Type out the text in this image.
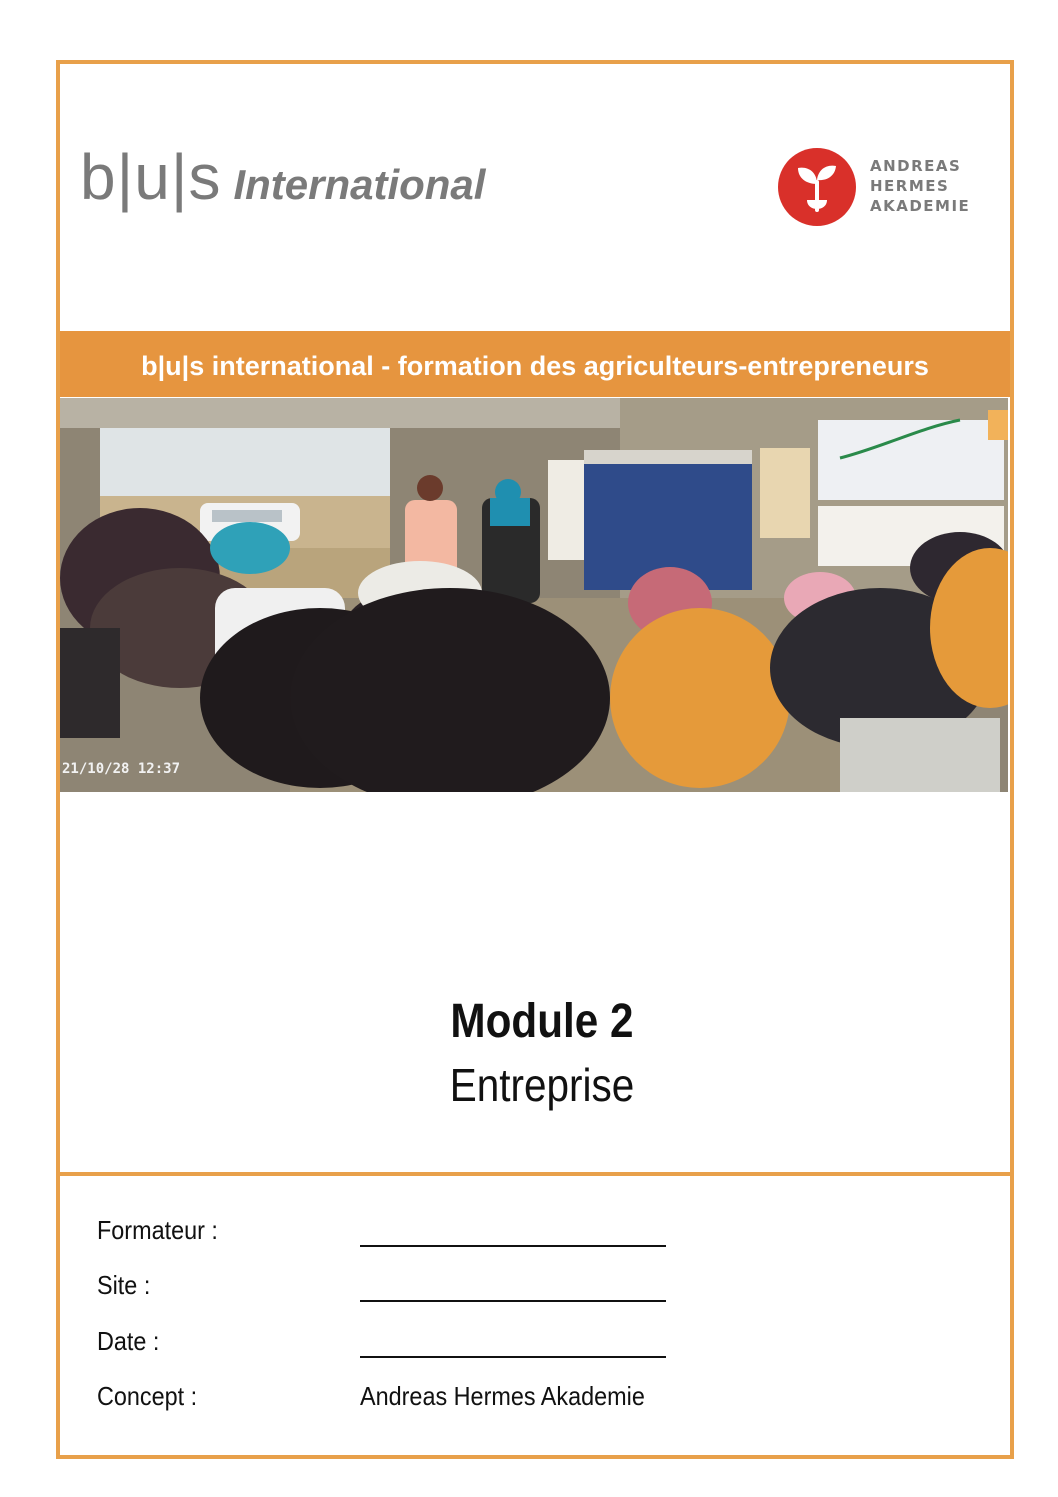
b|u|s International	ANDREAS
HERMES
AKADEMIE
b|u|s international - formation des agriculteurs-entrepreneurs
21/10/28 12:37
Module 2
Entreprise
Formateur :
Site :
Date :
Concept :	Andreas Hermes Akademie
